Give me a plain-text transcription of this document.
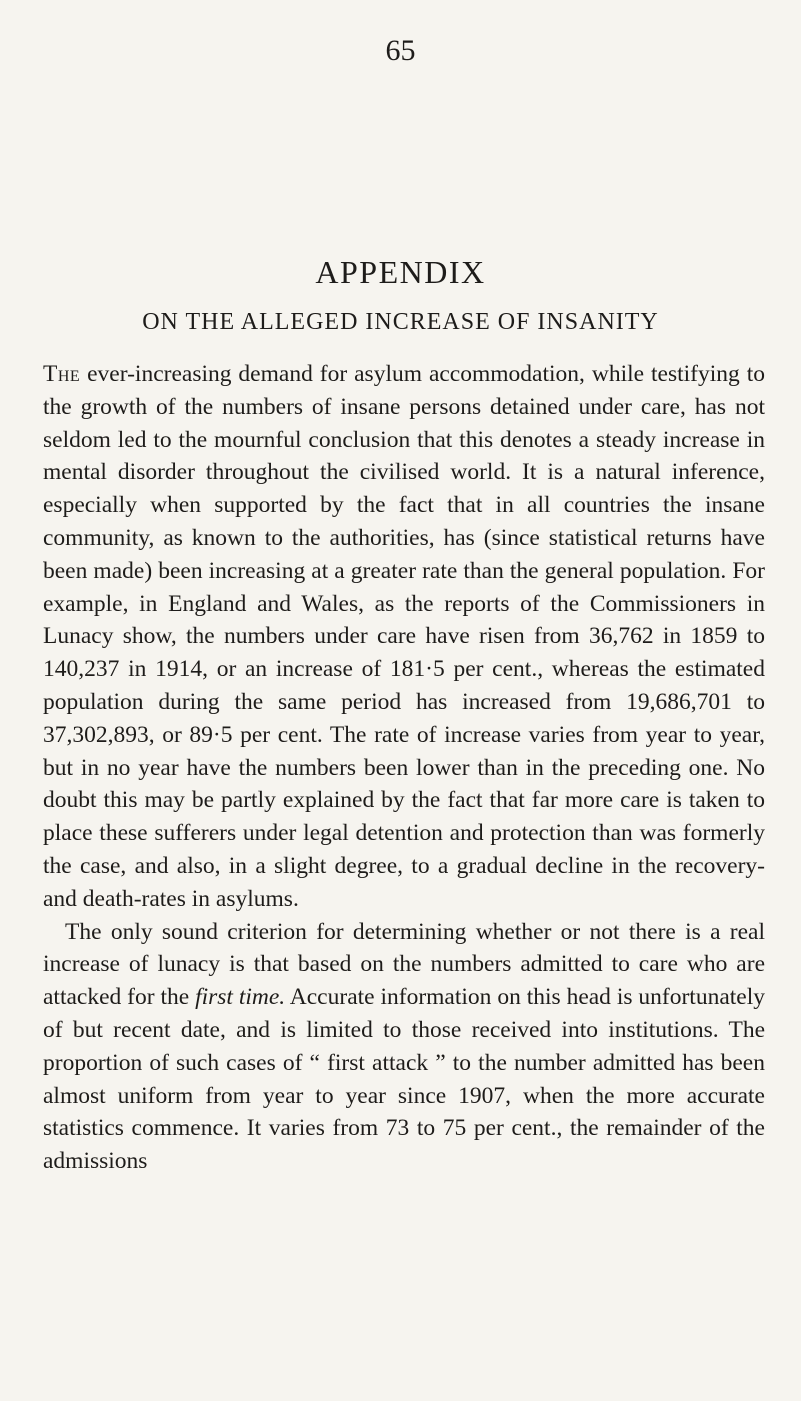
65
APPENDIX
ON THE ALLEGED INCREASE OF INSANITY

The ever-increasing demand for asylum accommodation, while testifying to the growth of the numbers of insane persons detained under care, has not seldom led to the mournful conclusion that this denotes a steady increase in mental disorder throughout the civilised world. It is a natural inference, especially when supported by the fact that in all countries the insane community, as known to the authorities, has (since statistical returns have been made) been increasing at a greater rate than the general population. For example, in England and Wales, as the reports of the Commissioners in Lunacy show, the numbers under care have risen from 36,762 in 1859 to 140,237 in 1914, or an increase of 181·5 per cent., whereas the estimated population during the same period has increased from 19,686,701 to 37,302,893, or 89·5 per cent. The rate of increase varies from year to year, but in no year have the numbers been lower than in the preceding one. No doubt this may be partly explained by the fact that far more care is taken to place these sufferers under legal detention and protection than was formerly the case, and also, in a slight degree, to a gradual decline in the recovery- and death-rates in asylums.

The only sound criterion for determining whether or not there is a real increase of lunacy is that based on the numbers admitted to care who are attacked for the first time. Accurate information on this head is unfortunately of but recent date, and is limited to those received into institutions. The proportion of such cases of “ first attack ” to the number admitted has been almost uniform from year to year since 1907, when the more accurate statistics commence. It varies from 73 to 75 per cent., the remainder of the admissions
